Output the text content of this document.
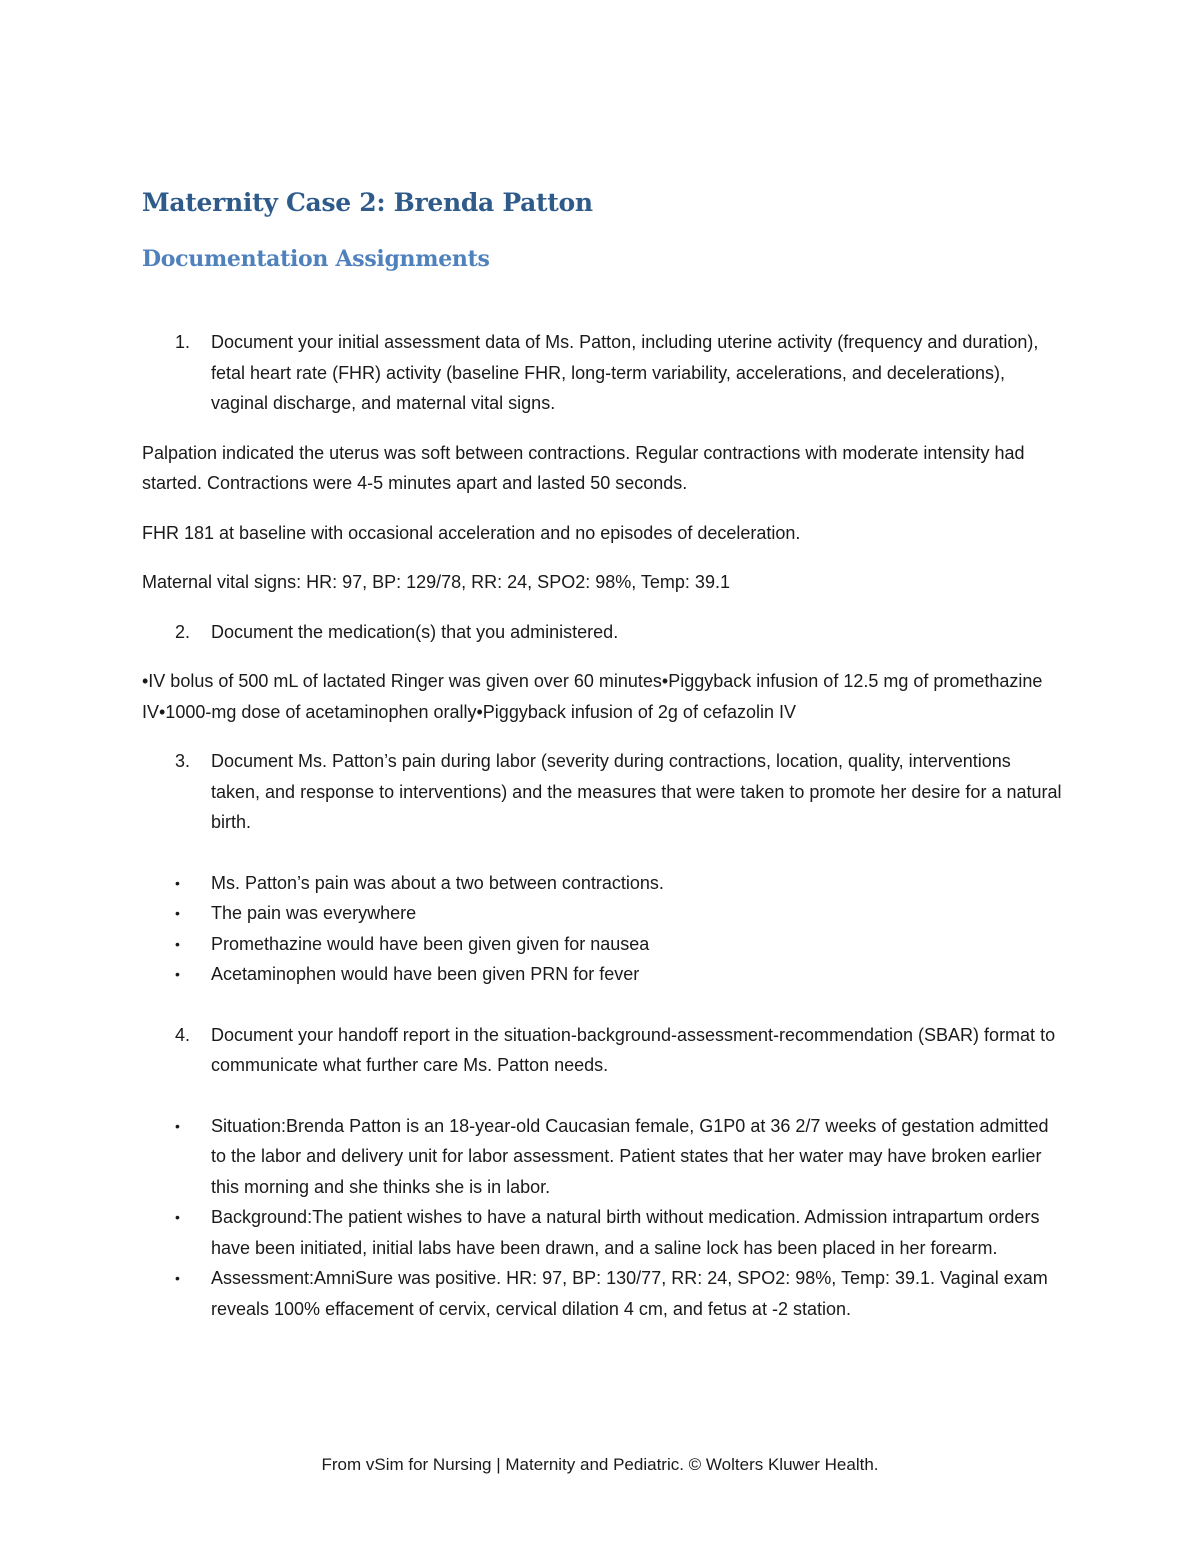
Maternity Case 2: Brenda Patton
Documentation Assignments
1. Document your initial assessment data of Ms. Patton, including uterine activity (frequency and duration), fetal heart rate (FHR) activity (baseline FHR, long-term variability, accelerations, and decelerations), vaginal discharge, and maternal vital signs.

Palpation indicated the uterus was soft between contractions. Regular contractions with moderate intensity had started. Contractions were 4-5 minutes apart and lasted 50 seconds.

FHR 181 at baseline with occasional acceleration and no episodes of deceleration.

Maternal vital signs: HR: 97, BP: 129/78, RR: 24, SPO2: 98%, Temp: 39.1

2. Document the medication(s) that you administered.

•IV bolus of 500 mL of lactated Ringer was given over 60 minutes•Piggyback infusion of 12.5 mg of promethazine IV•1000-mg dose of acetaminophen orally•Piggyback infusion of 2g of cefazolin IV

3. Document Ms. Patton’s pain during labor (severity during contractions, location, quality, interventions taken, and response to interventions) and the measures that were taken to promote her desire for a natural birth.
• Ms. Patton’s pain was about a two between contractions.
• The pain was everywhere
• Promethazine would have been given given for nausea
• Acetaminophen would have been given PRN for fever
4. Document your handoff report in the situation-background-assessment-recommendation (SBAR) format to communicate what further care Ms. Patton needs.
• Situation:Brenda Patton is an 18-year-old Caucasian female, G1P0 at 36 2/7 weeks of gestation admitted to the labor and delivery unit for labor assessment. Patient states that her water may have broken earlier this morning and she thinks she is in labor.
• Background:The patient wishes to have a natural birth without medication. Admission intrapartum orders have been initiated, initial labs have been drawn, and a saline lock has been placed in her forearm.
• Assessment:AmniSure was positive. HR: 97, BP: 130/77, RR: 24, SPO2: 98%, Temp: 39.1. Vaginal exam reveals 100% effacement of cervix, cervical dilation 4 cm, and fetus at -2 station.
From vSim for Nursing | Maternity and Pediatric. © Wolters Kluwer Health.
